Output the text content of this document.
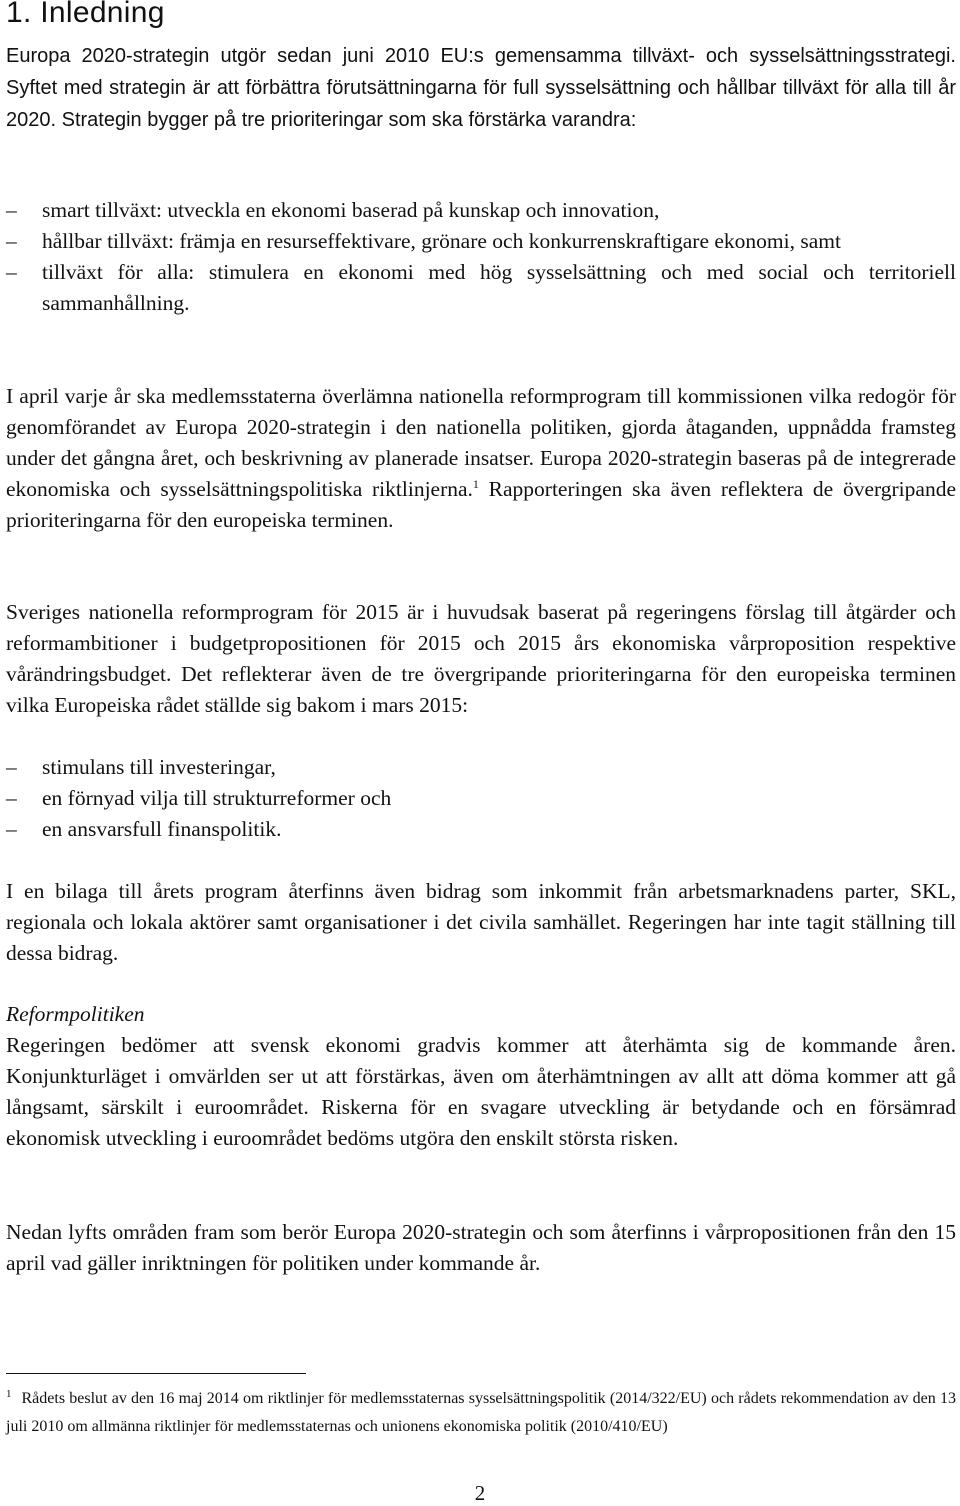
1. Inledning

Europa 2020-strategin utgör sedan juni 2010 EU:s gemensamma tillväxt- och sysselsättningsstrategi. Syftet med strategin är att förbättra förutsättningarna för full sysselsättning och hållbar tillväxt för alla till år 2020. Strategin bygger på tre prioriteringar som ska förstärka varandra:

–	smart tillväxt: utveckla en ekonomi baserad på kunskap och innovation,
–	hållbar tillväxt: främja en resurseffektivare, grönare och konkurrenskraftigare ekonomi, samt
–	tillväxt för alla: stimulera en ekonomi med hög sysselsättning och med social och territoriell sammanhållning.

I april varje år ska medlemsstaterna överlämna nationella reformprogram till kommissionen vilka redogör för genomförandet av Europa 2020-strategin i den nationella politiken, gjorda åtaganden, uppnådda framsteg under det gångna året, och beskrivning av planerade insatser. Europa 2020-strategin baseras på de integrerade ekonomiska och sysselsättningspolitiska riktlinjerna.$^1$ Rapporteringen ska även reflektera de övergripande prioriteringarna för den europeiska terminen.

Sveriges nationella reformprogram för 2015 är i huvudsak baserat på regeringens förslag till åtgärder och reformambitioner i budgetpropositionen för 2015 och 2015 års ekonomiska vårproposition respektive vårändringsbudget. Det reflekterar även de tre övergripande prioriteringarna för den europeiska terminen vilka Europeiska rådet ställde sig bakom i mars 2015:

–	stimulans till investeringar,
–	en förnyad vilja till strukturreformer och
–	en ansvarsfull finanspolitik.

I en bilaga till årets program återfinns även bidrag som inkommit från arbetsmarknadens parter, SKL, regionala och lokala aktörer samt organisationer i det civila samhället. Regeringen har inte tagit ställning till dessa bidrag.

Reformpolitiken

Regeringen bedömer att svensk ekonomi gradvis kommer att återhämta sig de kommande åren. Konjunkturläget i omvärlden ser ut att förstärkas, även om återhämtningen av allt att döma kommer att gå långsamt, särskilt i euroområdet. Riskerna för en svagare utveckling är betydande och en försämrad ekonomisk utveckling i euroområdet bedöms utgöra den enskilt största risken.

Nedan lyfts områden fram som berör Europa 2020-strategin och som återfinns i vårpropositionen från den 15 april vad gäller inriktningen för politiken under kommande år.

$^1$ Rådets beslut av den 16 maj 2014 om riktlinjer för medlemsstaternas sysselsättningspolitik (2014/322/EU) och rådets rekommendation av den 13 juli 2010 om allmänna riktlinjer för medlemsstaternas och unionens ekonomiska politik (2010/410/EU)

2
